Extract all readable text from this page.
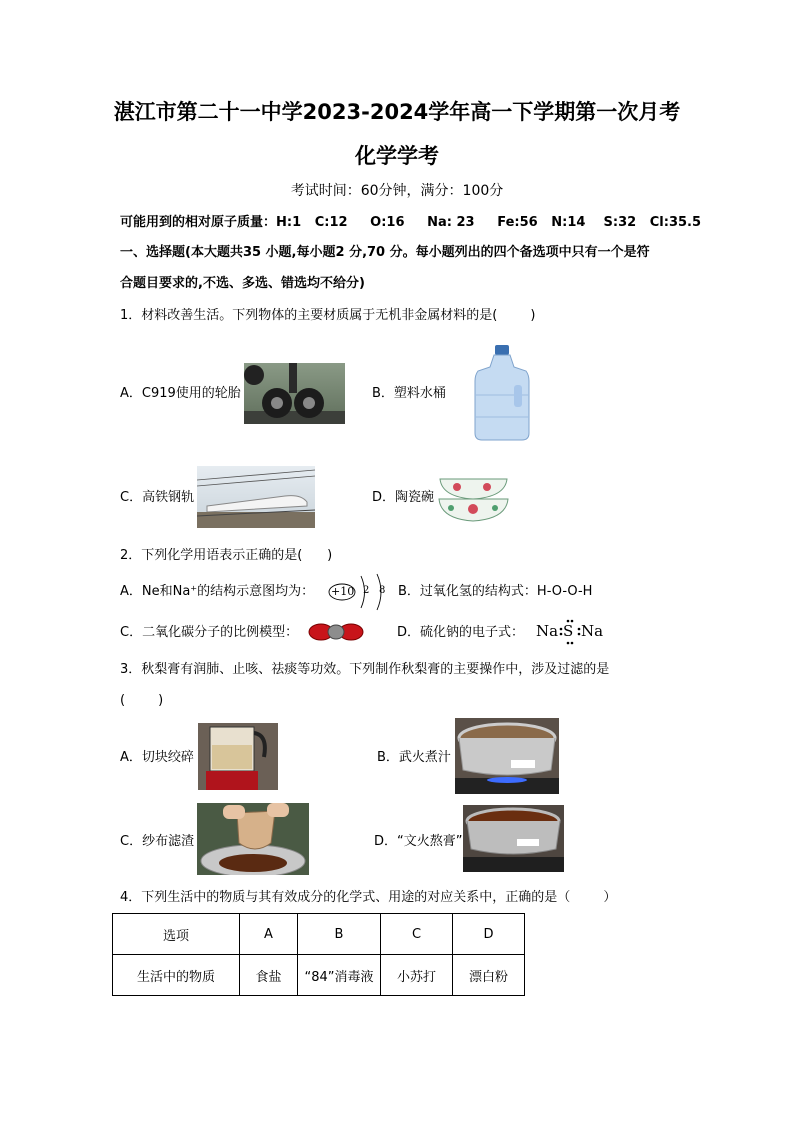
湛江市第二十一中学2023-2024学年高一下学期第一次月考
化学学考
考试时间：60分钟，满分：100分
可能用到的相对原子质量：H:1   C:12     O:16     Na: 23     Fe:56   N:14    S:32   Cl:35.5
一、选择题(本大题共35 小题,每小题2 分,70 分。每小题列出的四个备选项中只有一个是符
合题目要求的,不选、多选、错选均不给分)
1．材料改善生活。下列物体的主要材质属于无机非金属材料的是(        )
A．C919使用的轮胎	B．塑料水桶
C．高铁钢轨	D．陶瓷碗
2．下列化学用语表示正确的是(      )
A．Ne和Na⁺的结构示意图均为： +10 2 8 B．过氧化氢的结构式：H-O-O-H
C．二氧化碳分子的比例模型：	D．硫化钠的电子式： Na S Na
3．秋梨膏有润肺、止咳、祛痰等功效。下列制作秋梨膏的主要操作中，涉及过滤的是
(        )
A．切块绞碎	B．武火煮汁
C．纱布滤渣	D．“文火熬膏”
4．下列生活中的物质与其有效成分的化学式、用途的对应关系中，正确的是（        ）
选项	A	B	C	D
生活中的物质	食盐	“84”消毒液	小苏打	漂白粉
